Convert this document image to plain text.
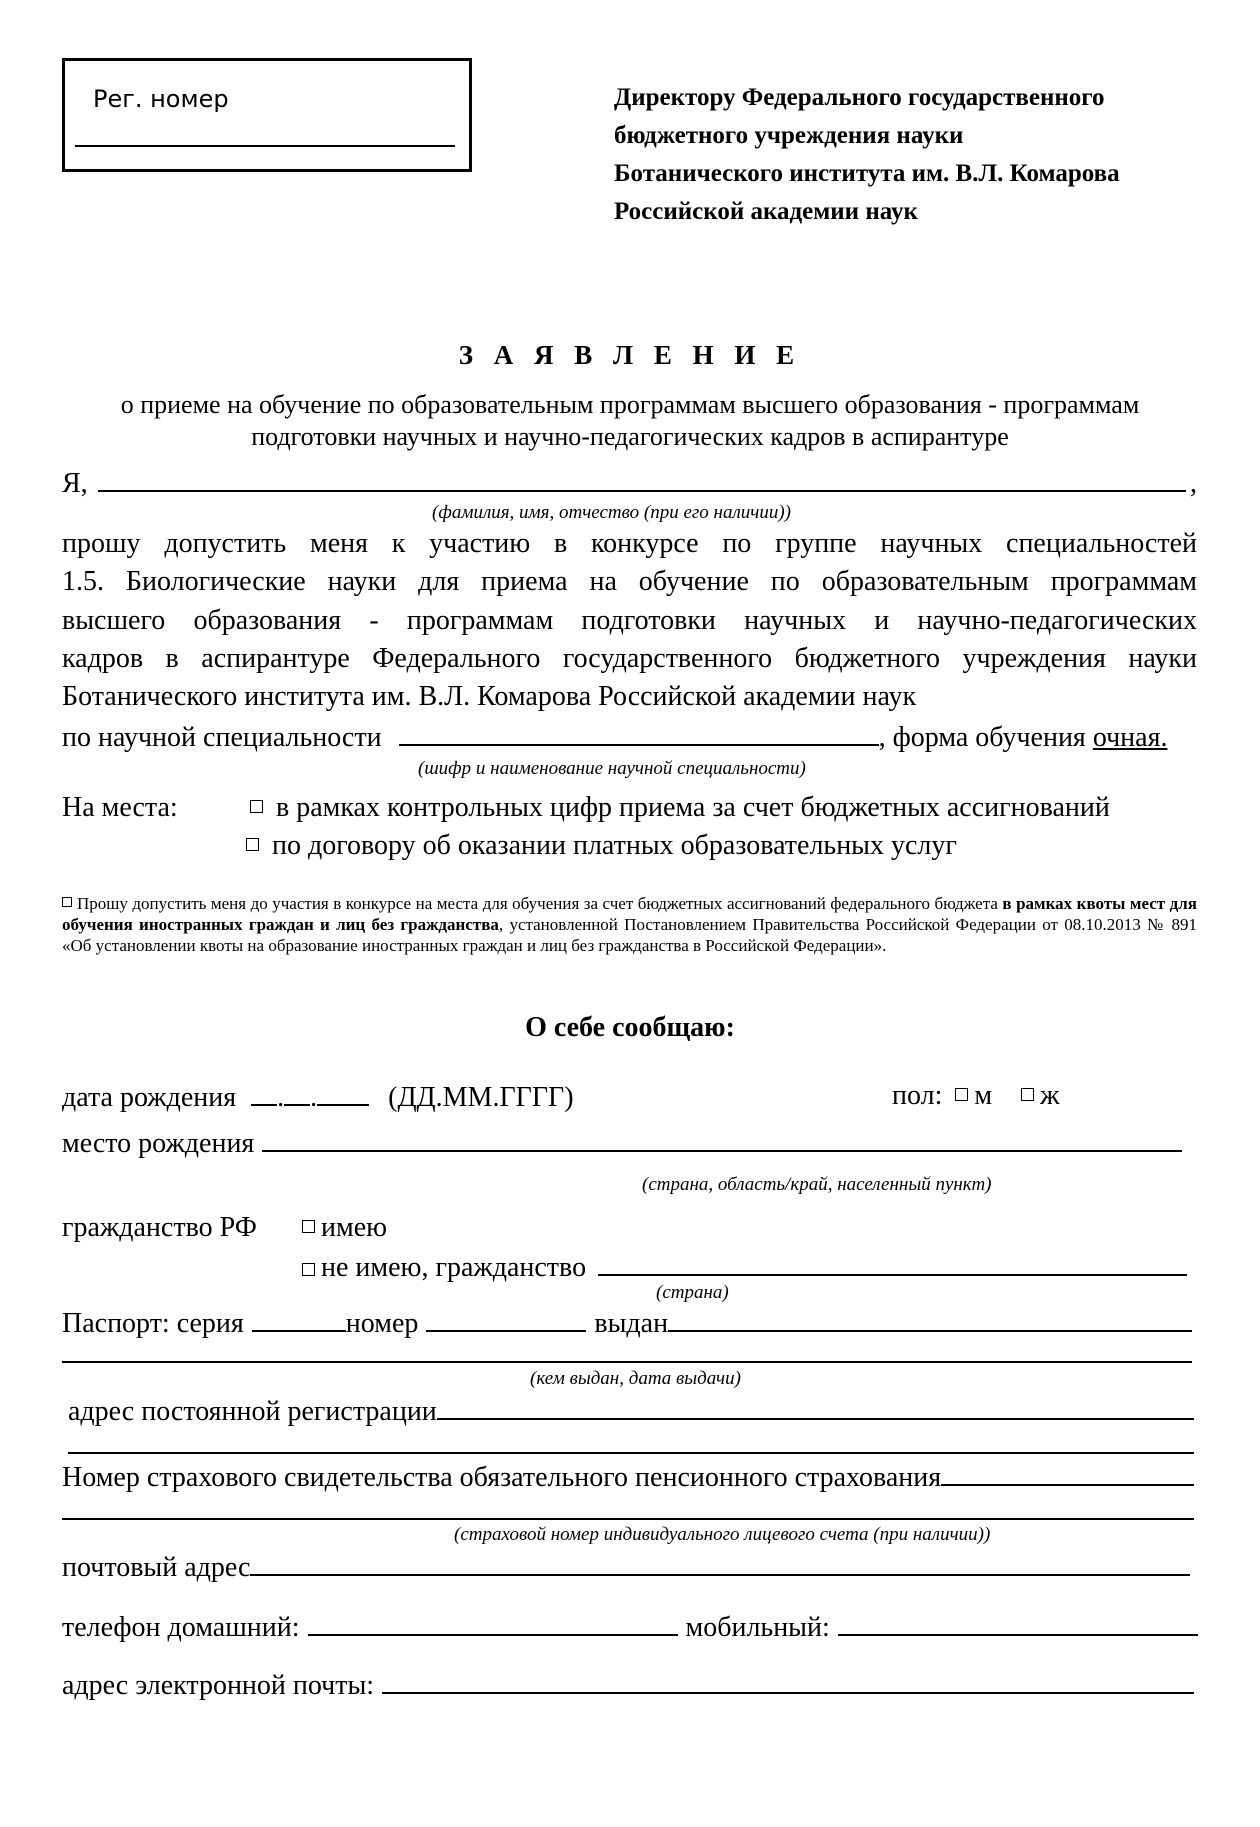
Рег. номер	Директору Федерального государственного
бюджетного учреждения науки
Ботанического института им. В.Л. Комарова
Российской академии наук
З А Я В Л Е Н И Е
о приеме на обучение по образовательным программам высшего образования - программам
подготовки научных и научно-педагогических кадров в аспирантуре
Я,	,
(фамилия, имя, отчество (при его наличии))
прошу допустить меня к участию в конкурсе по группе научных специальностей
1.5. Биологические науки для приема на обучение по образовательным программам
высшего образования - программам подготовки научных и научно-педагогических
кадров в аспирантуре Федерального государственного бюджетного учреждения науки
Ботанического института им. В.Л. Комарова Российской академии наук
по научной специальности	, форма обучения очная.
(шифр и наименование научной специальности)
На места:	в рамках контрольных цифр приема за счет бюджетных ассигнований
по договору об оказании платных образовательных услуг
Прошу допустить меня до участия в конкурсе на места для обучения за счет бюджетных ассигнований федерального бюджета в рамках квоты мест для обучения иностранных граждан и лиц без гражданства, установленной Постановлением Правительства Российской Федерации от 08.10.2013 № 891 «Об установлении квоты на образование иностранных граждан и лиц без гражданства в Российской Федерации».
О себе сообщаю:
дата рождения . .	(ДД.ММ.ГГГГ)	пол: м ж
место рождения
(страна, область/край, населенный пункт)
гражданство РФ	имею
не имею, гражданство
(страна)
Паспорт: серия	номер	выдан
(кем выдан, дата выдачи)
адрес постоянной регистрации
Номер страхового свидетельства обязательного пенсионного страхования
(страховой номер индивидуального лицевого счета (при наличии))
почтовый адрес
телефон домашний:	мобильный:
адрес электронной почты:
